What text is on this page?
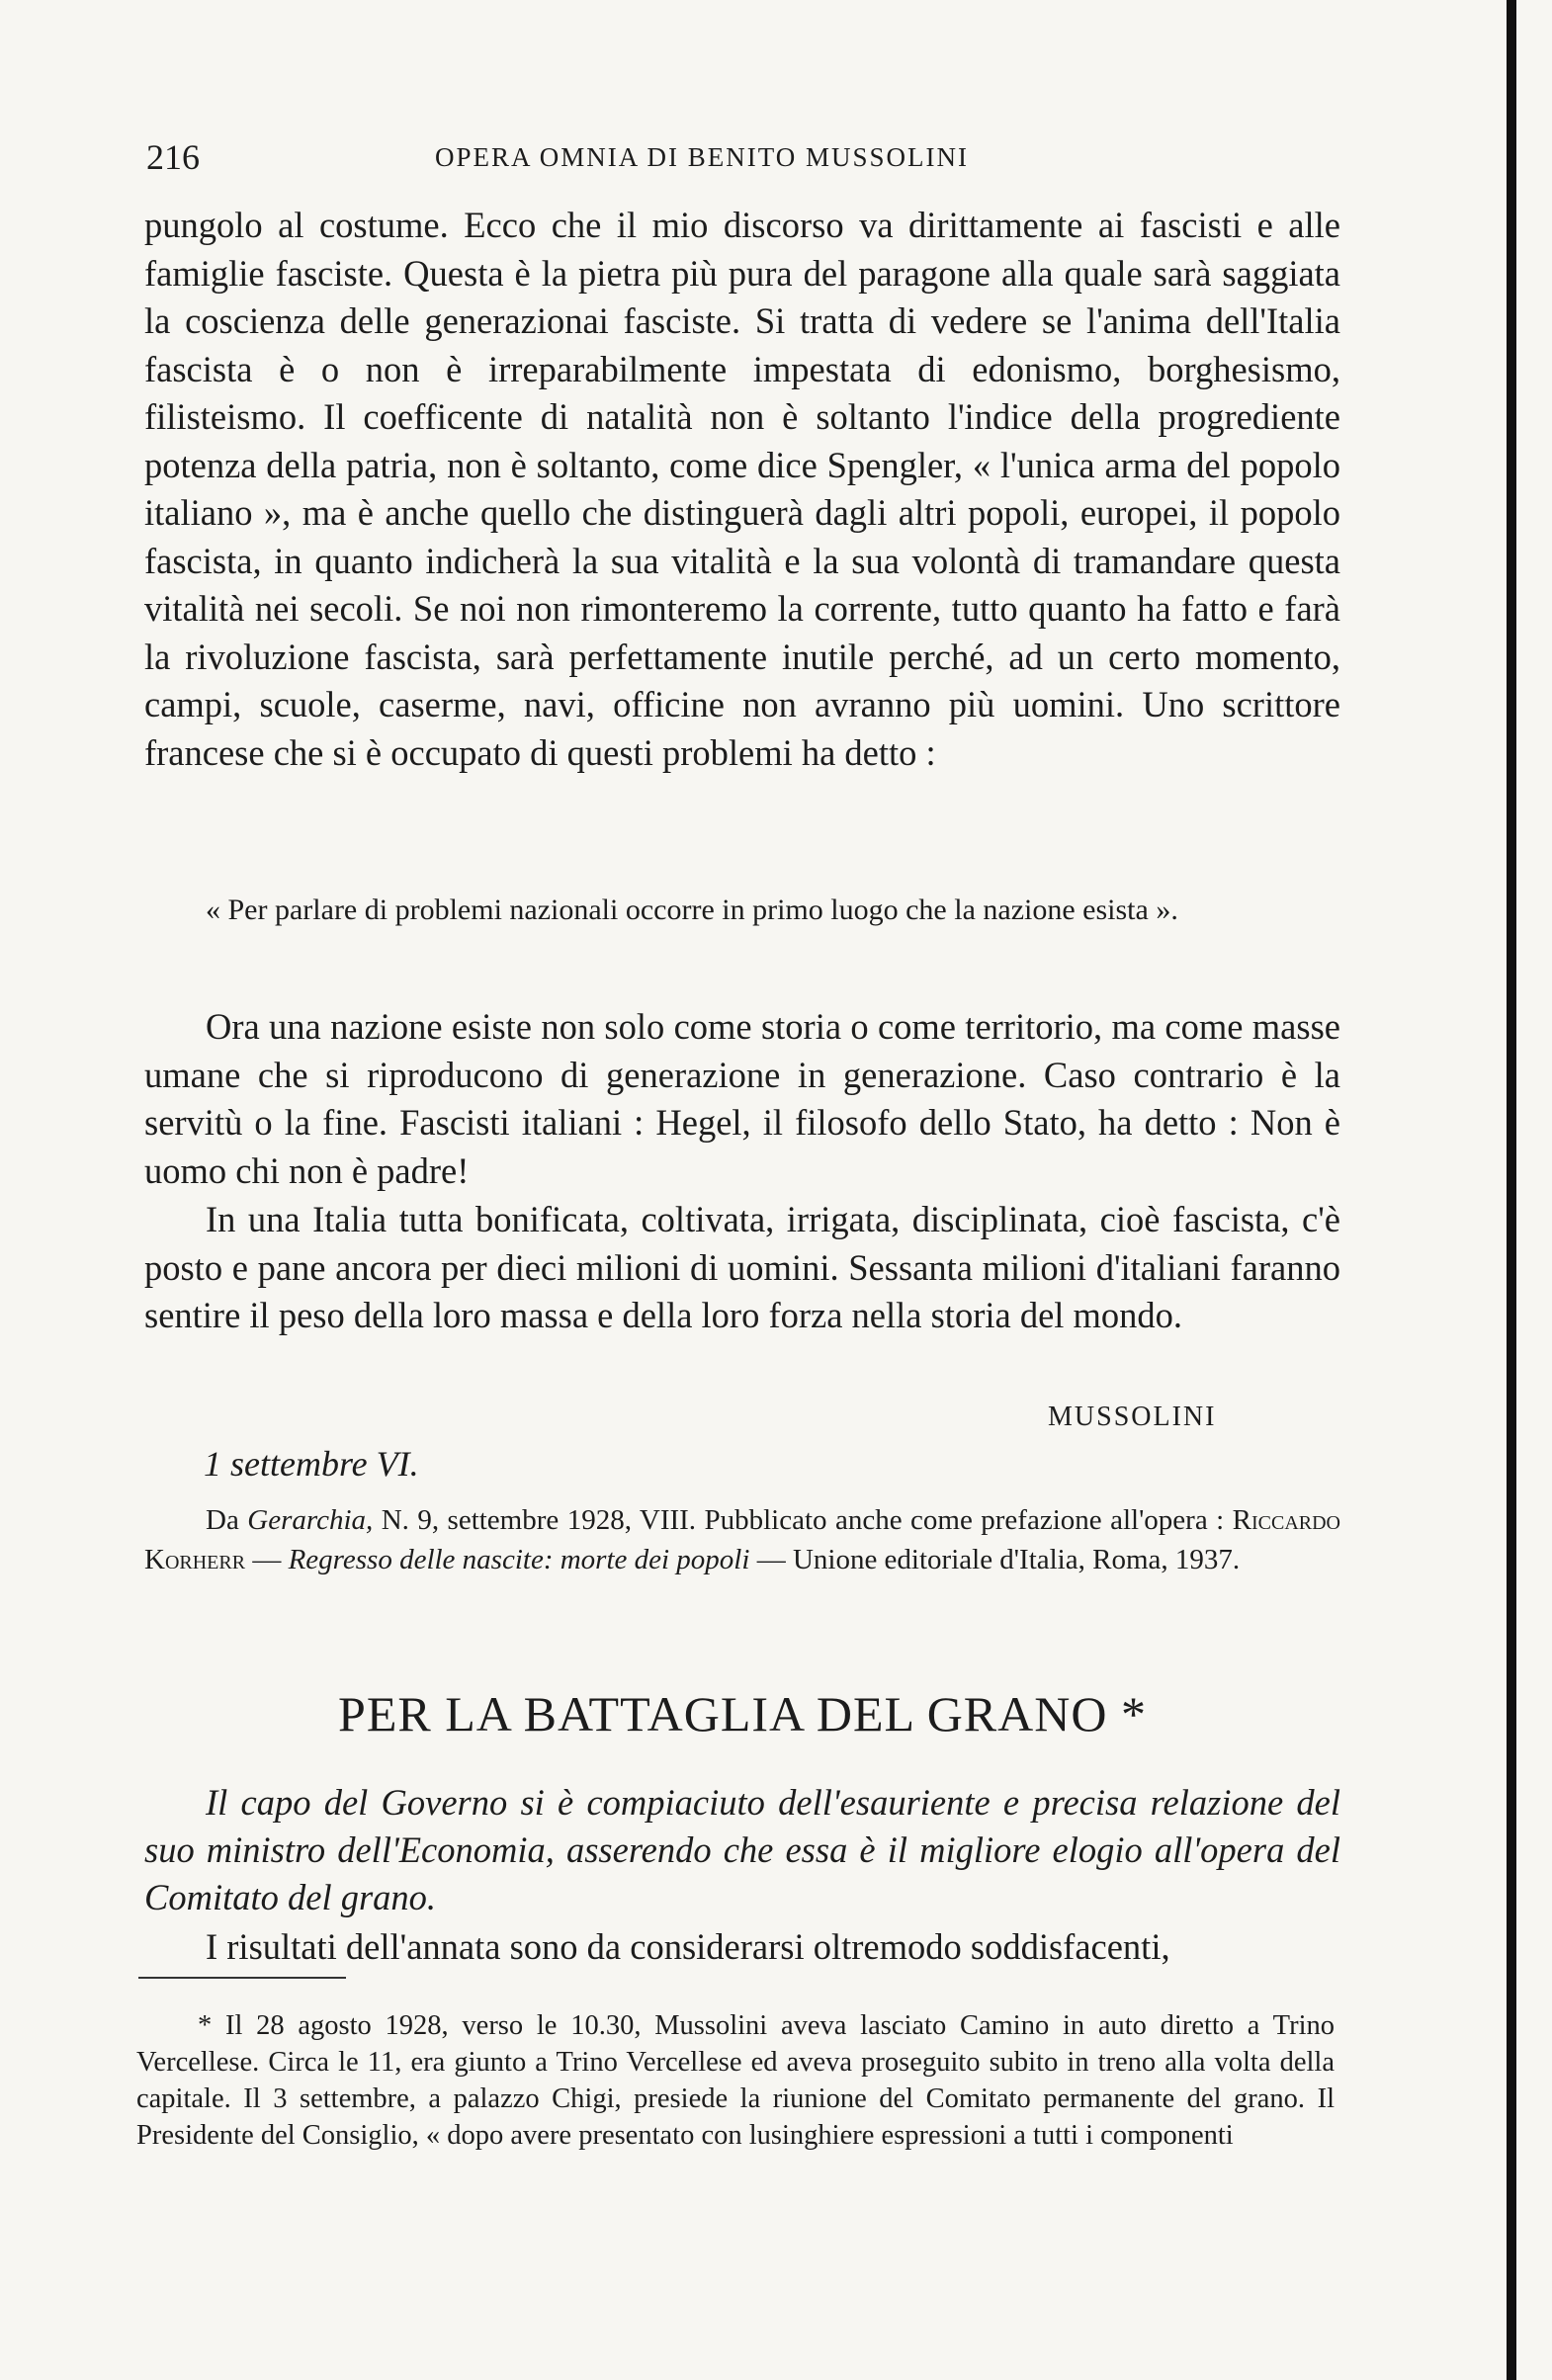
216	OPERA OMNIA DI BENITO MUSSOLINI

pungolo al costume. Ecco che il mio discorso va dirittamente ai fascisti e alle famiglie fasciste. Questa è la pietra più pura del paragone alla quale sarà saggiata la coscienza delle generazionai fasciste. Si tratta di vedere se l'anima dell'Italia fascista è o non è irreparabilmente impestata di edonismo, borghesismo, filisteismo. Il coefficente di natalità non è soltanto l'indice della progrediente potenza della patria, non è soltanto, come dice Spengler, « l'unica arma del popolo italiano », ma è anche quello che distinguerà dagli altri popoli, europei, il popolo fascista, in quanto indicherà la sua vitalità e la sua volontà di tramandare questa vitalità nei secoli. Se noi non rimonteremo la corrente, tutto quanto ha fatto e farà la rivoluzione fascista, sarà perfettamente inutile perché, ad un certo momento, campi, scuole, caserme, navi, officine non avranno più uomini. Uno scrittore francese che si è occupato di questi problemi ha detto :

« Per parlare di problemi nazionali occorre in primo luogo che la nazione esista ».

Ora una nazione esiste non solo come storia o come territorio, ma come masse umane che si riproducono di generazione in generazione. Caso contrario è la servitù o la fine. Fascisti italiani : Hegel, il filosofo dello Stato, ha detto : Non è uomo chi non è padre!

In una Italia tutta bonificata, coltivata, irrigata, disciplinata, cioè fascista, c'è posto e pane ancora per dieci milioni di uomini. Sessanta milioni d'italiani faranno sentire il peso della loro massa e della loro forza nella storia del mondo.

MUSSOLINI
1 settembre VI.

Da Gerarchia, N. 9, settembre 1928, VIII. Pubblicato anche come prefazione all'opera : Riccardo Korherr — Regresso delle nascite: morte dei popoli — Unione editoriale d'Italia, Roma, 1937.

PER LA BATTAGLIA DEL GRANO *

Il capo del Governo si è compiaciuto dell'esauriente e precisa relazione del suo ministro dell'Economia, asserendo che essa è il migliore elogio all'opera del Comitato del grano.

I risultati dell'annata sono da considerarsi oltremodo soddisfacenti,

* Il 28 agosto 1928, verso le 10.30, Mussolini aveva lasciato Camino in auto diretto a Trino Vercellese. Circa le 11, era giunto a Trino Vercellese ed aveva proseguito subito in treno alla volta della capitale. Il 3 settembre, a palazzo Chigi, presiede la riunione del Comitato permanente del grano. Il Presidente del Consiglio, « dopo avere presentato con lusinghiere espressioni a tutti i componenti
